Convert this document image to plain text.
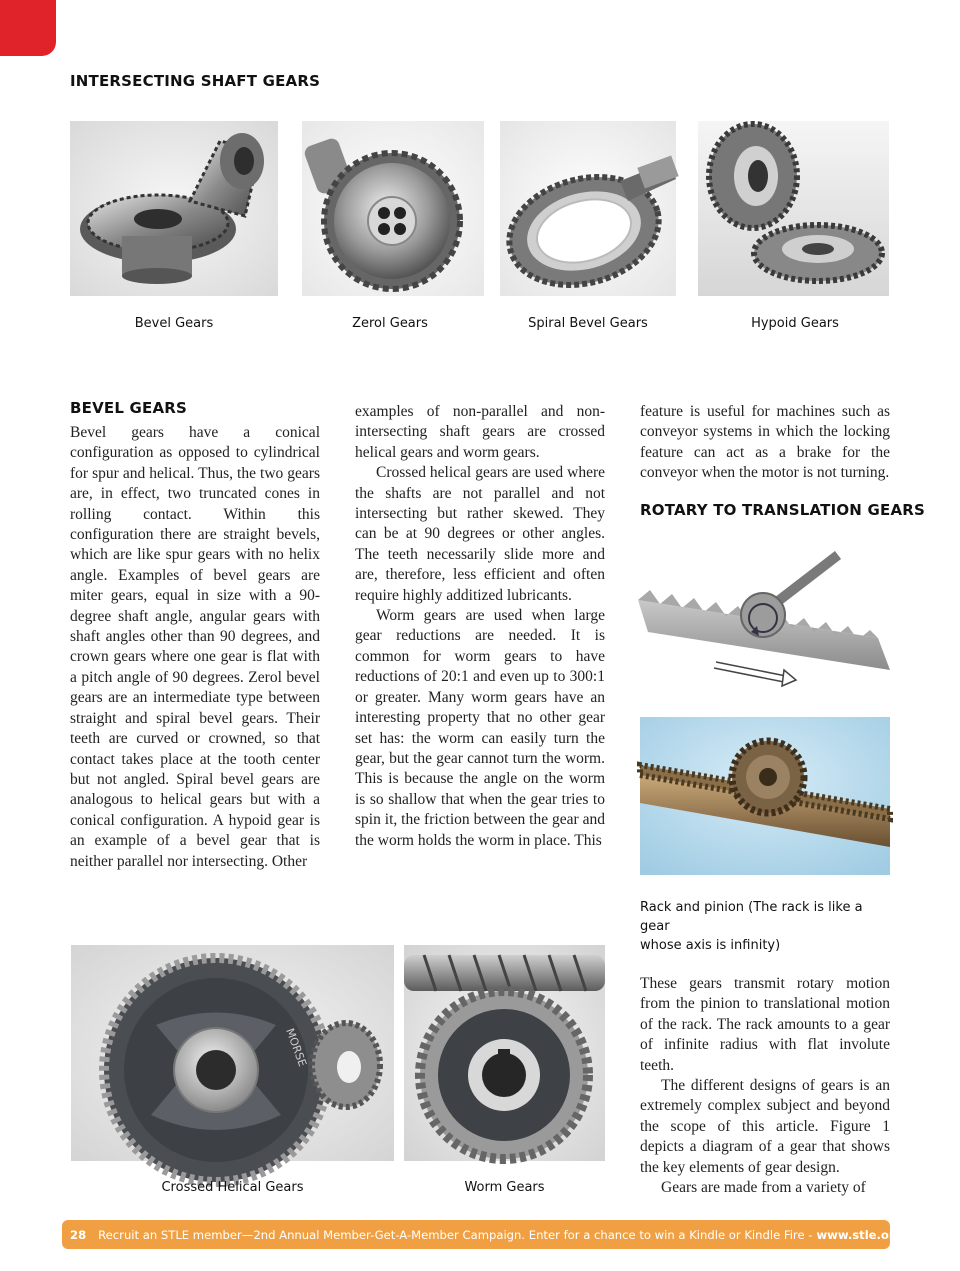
INTERSECTING SHAFT GEARS
Bevel Gears	Zerol Gears	Spiral Bevel Gears	Hypoid Gears
BEVEL GEARS

Bevel gears have a conical configuration as opposed to cylindrical for spur and helical. Thus, the two gears are, in effect, two truncated cones in rolling contact. Within this configuration there are straight bevels, which are like spur gears with no helix angle. Examples of bevel gears are miter gears, equal in size with a 90-degree shaft angle, angular gears with shaft angles other than 90 degrees, and crown gears where one gear is flat with a pitch angle of 90 degrees. Zerol bevel gears are an intermediate type between straight and spiral bevel gears. Their teeth are curved or crowned, so that contact takes place at the tooth center but not angled. Spiral bevel gears are analogous to helical gears but with a conical configuration. A hypoid gear is an example of a bevel gear that is neither parallel nor intersecting. Other

examples of non-parallel and non-intersecting shaft gears are crossed helical gears and worm gears.

Crossed helical gears are used where the shafts are not parallel and not intersecting but rather skewed. They can be at 90 degrees or other angles. The teeth necessarily slide more and are, therefore, less efficient and often require highly additized lubricants.

Worm gears are used when large gear reductions are needed. It is common for worm gears to have reductions of 20:1 and even up to 300:1 or greater. Many worm gears have an interesting property that no other gear set has: the worm can easily turn the gear, but the gear cannot turn the worm. This is because the angle on the worm is so shallow that when the gear tries to spin it, the friction between the gear and the worm holds the worm in place. This

feature is useful for machines such as conveyor systems in which the locking feature can act as a brake for the conveyor when the motor is not turning.

ROTARY TO TRANSLATION GEARS
Rack and pinion (The rack is like a gear
whose axis is infinity)

These gears transmit rotary motion from the pinion to translational motion of the rack. The rack amounts to a gear of infinite radius with flat involute teeth.

The different designs of gears is an extremely complex subject and beyond the scope of this article. Figure 1 depicts a diagram of a gear that shows the key elements of gear design.

Gears are made from a variety of

MORSE
Crossed Helical Gears	Worm Gears
28 Recruit an STLE member—2nd Annual Member-Get-A-Member Campaign. Enter for a chance to win a Kindle or Kindle Fire - www.stle.org.
